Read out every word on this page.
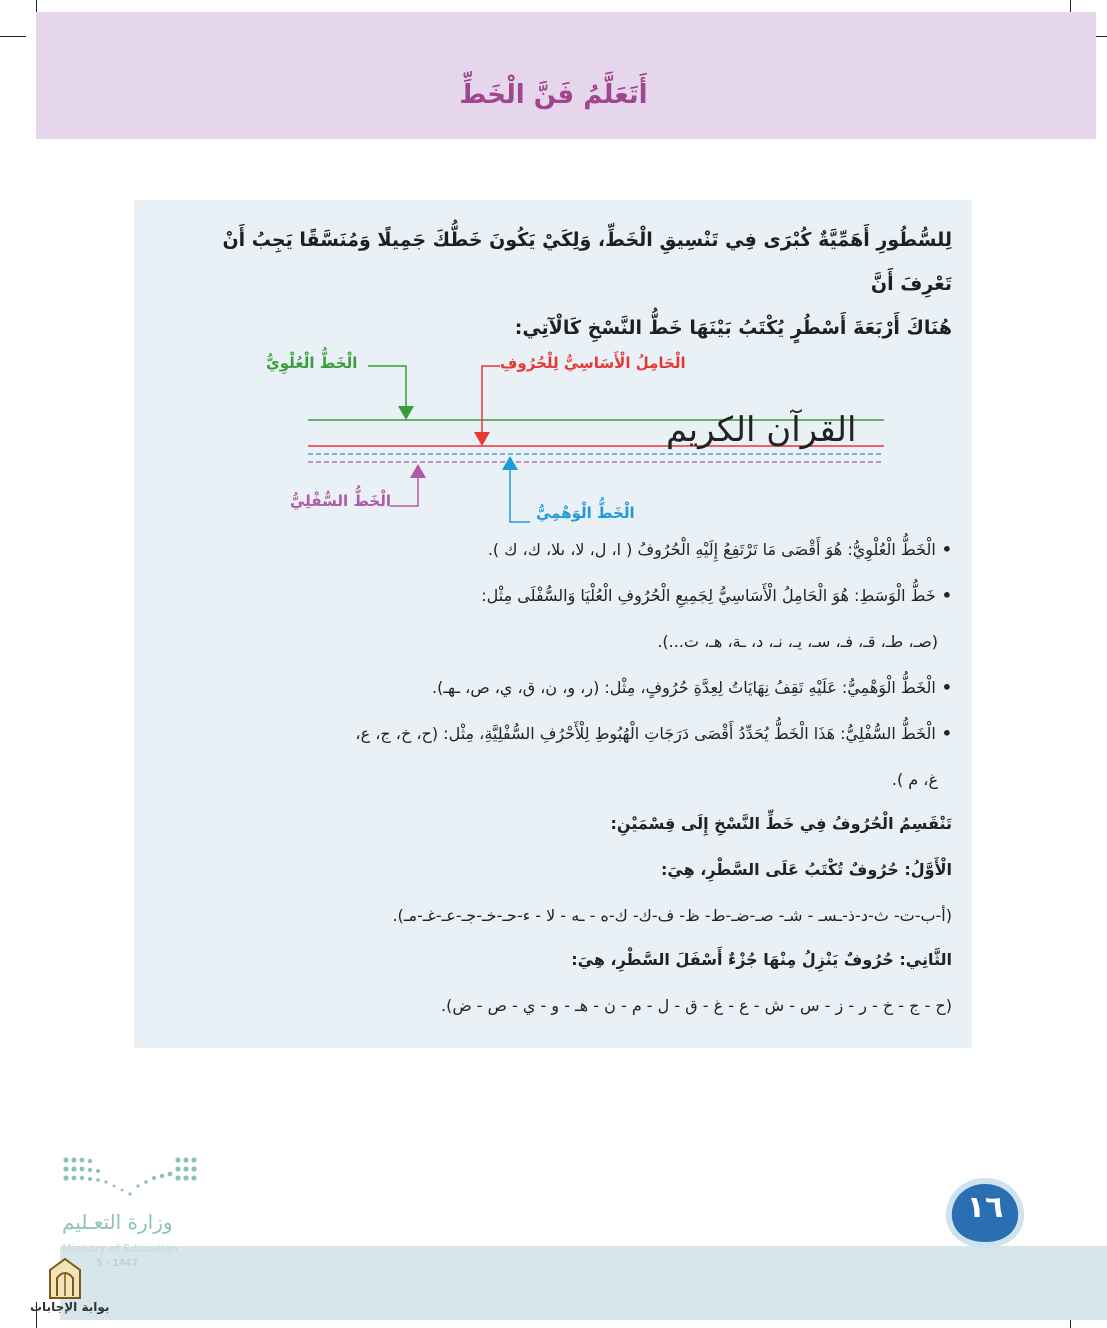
أَتَعَلَّمُ فَنَّ الْخَطِّ
لِلسُّطُورِ أَهَمِّيَّةٌ كُبْرَى فِي تَنْسِيقِ الْخَطِّ، وَلِكَيْ يَكُونَ خَطُّكَ جَمِيلًا وَمُنَسَّقًا يَجِبُ أَنْ تَعْرِفَ أَنَّ
هُنَاكَ أَرْبَعَةَ أَسْطُرٍ يُكْتَبُ بَيْنَهَا خَطُّ النَّسْخِ كَالْآتِي:
القرآن الكريم
الْخَطُّ الْعُلْوِيُّ	الْحَامِلُ الْأَسَاسِيُّ لِلْحُرُوفِ
الْخَطُّ السُّفْلِيُّ
الْخَطُّ الْوَهْمِيُّ
•الْخَطُّ الْعُلْوِيُّ: هُوَ أَقْصَى مَا تَرْتَفِعُ إِلَيْهِ الْحُرُوفُ ( ا، ل، لا، ىلا، ك، ك ).
•خَطُّ الْوَسَطِ: هُوَ الْحَامِلُ الْأَسَاسِيُّ لِجَمِيعِ الْحُرُوفِ الْعُلْيَا وَالسُّفْلَى مِثْل:
(صـ، طـ، قـ، فـ، سـ، يـ، نـ، د، ـة، هـ، ت...).
•الْخَطُّ الْوَهْمِيُّ: عَلَيْهِ تَقِفُ نِهَايَاتُ لِعِدَّةِ حُرُوفٍ، مِثْل: (ر، و، ن، ق، ي، ص، ـهـ).
•الْخَطُّ السُّفْلِيُّ: هَذَا الْخَطُّ يُحَدِّدُ أَقْصَى دَرَجَاتِ الْهُبُوطِ لِلْأَحْرُفِ السُّفْلِيَّةِ، مِثْل: (ح، خ، ج، ع،
غ، م ).
تَنْقَسِمُ الْحُرُوفُ فِي خَطِّ النَّسْخِ إِلَى قِسْمَيْنِ:
الْأَوَّلُ: حُرُوفٌ تُكْتَبُ عَلَى السَّطْرِ، هِيَ:
(أ-ب-ت- ث-د-ذ-ـسـ - شـ- صـ-ضـ-ط- ظ- ف-ك- ك-ه - ـه - لا - ء-حـ-خـ-جـ-عـ-غـ-مـ).
الثَّانِي: حُرُوفٌ يَنْزِلُ مِنْهَا جُزْءٌ أَسْفَلَ السَّطْرِ، هِيَ:
(ح - ج - خ - ر - ز - س - ش - ع - غ - ق - ل - م - ن - هـ - و - ي - ص - ض).
وزارة التعـليم
Ministry of Education
5 - 1447
١٦
بوابة الإجابات
